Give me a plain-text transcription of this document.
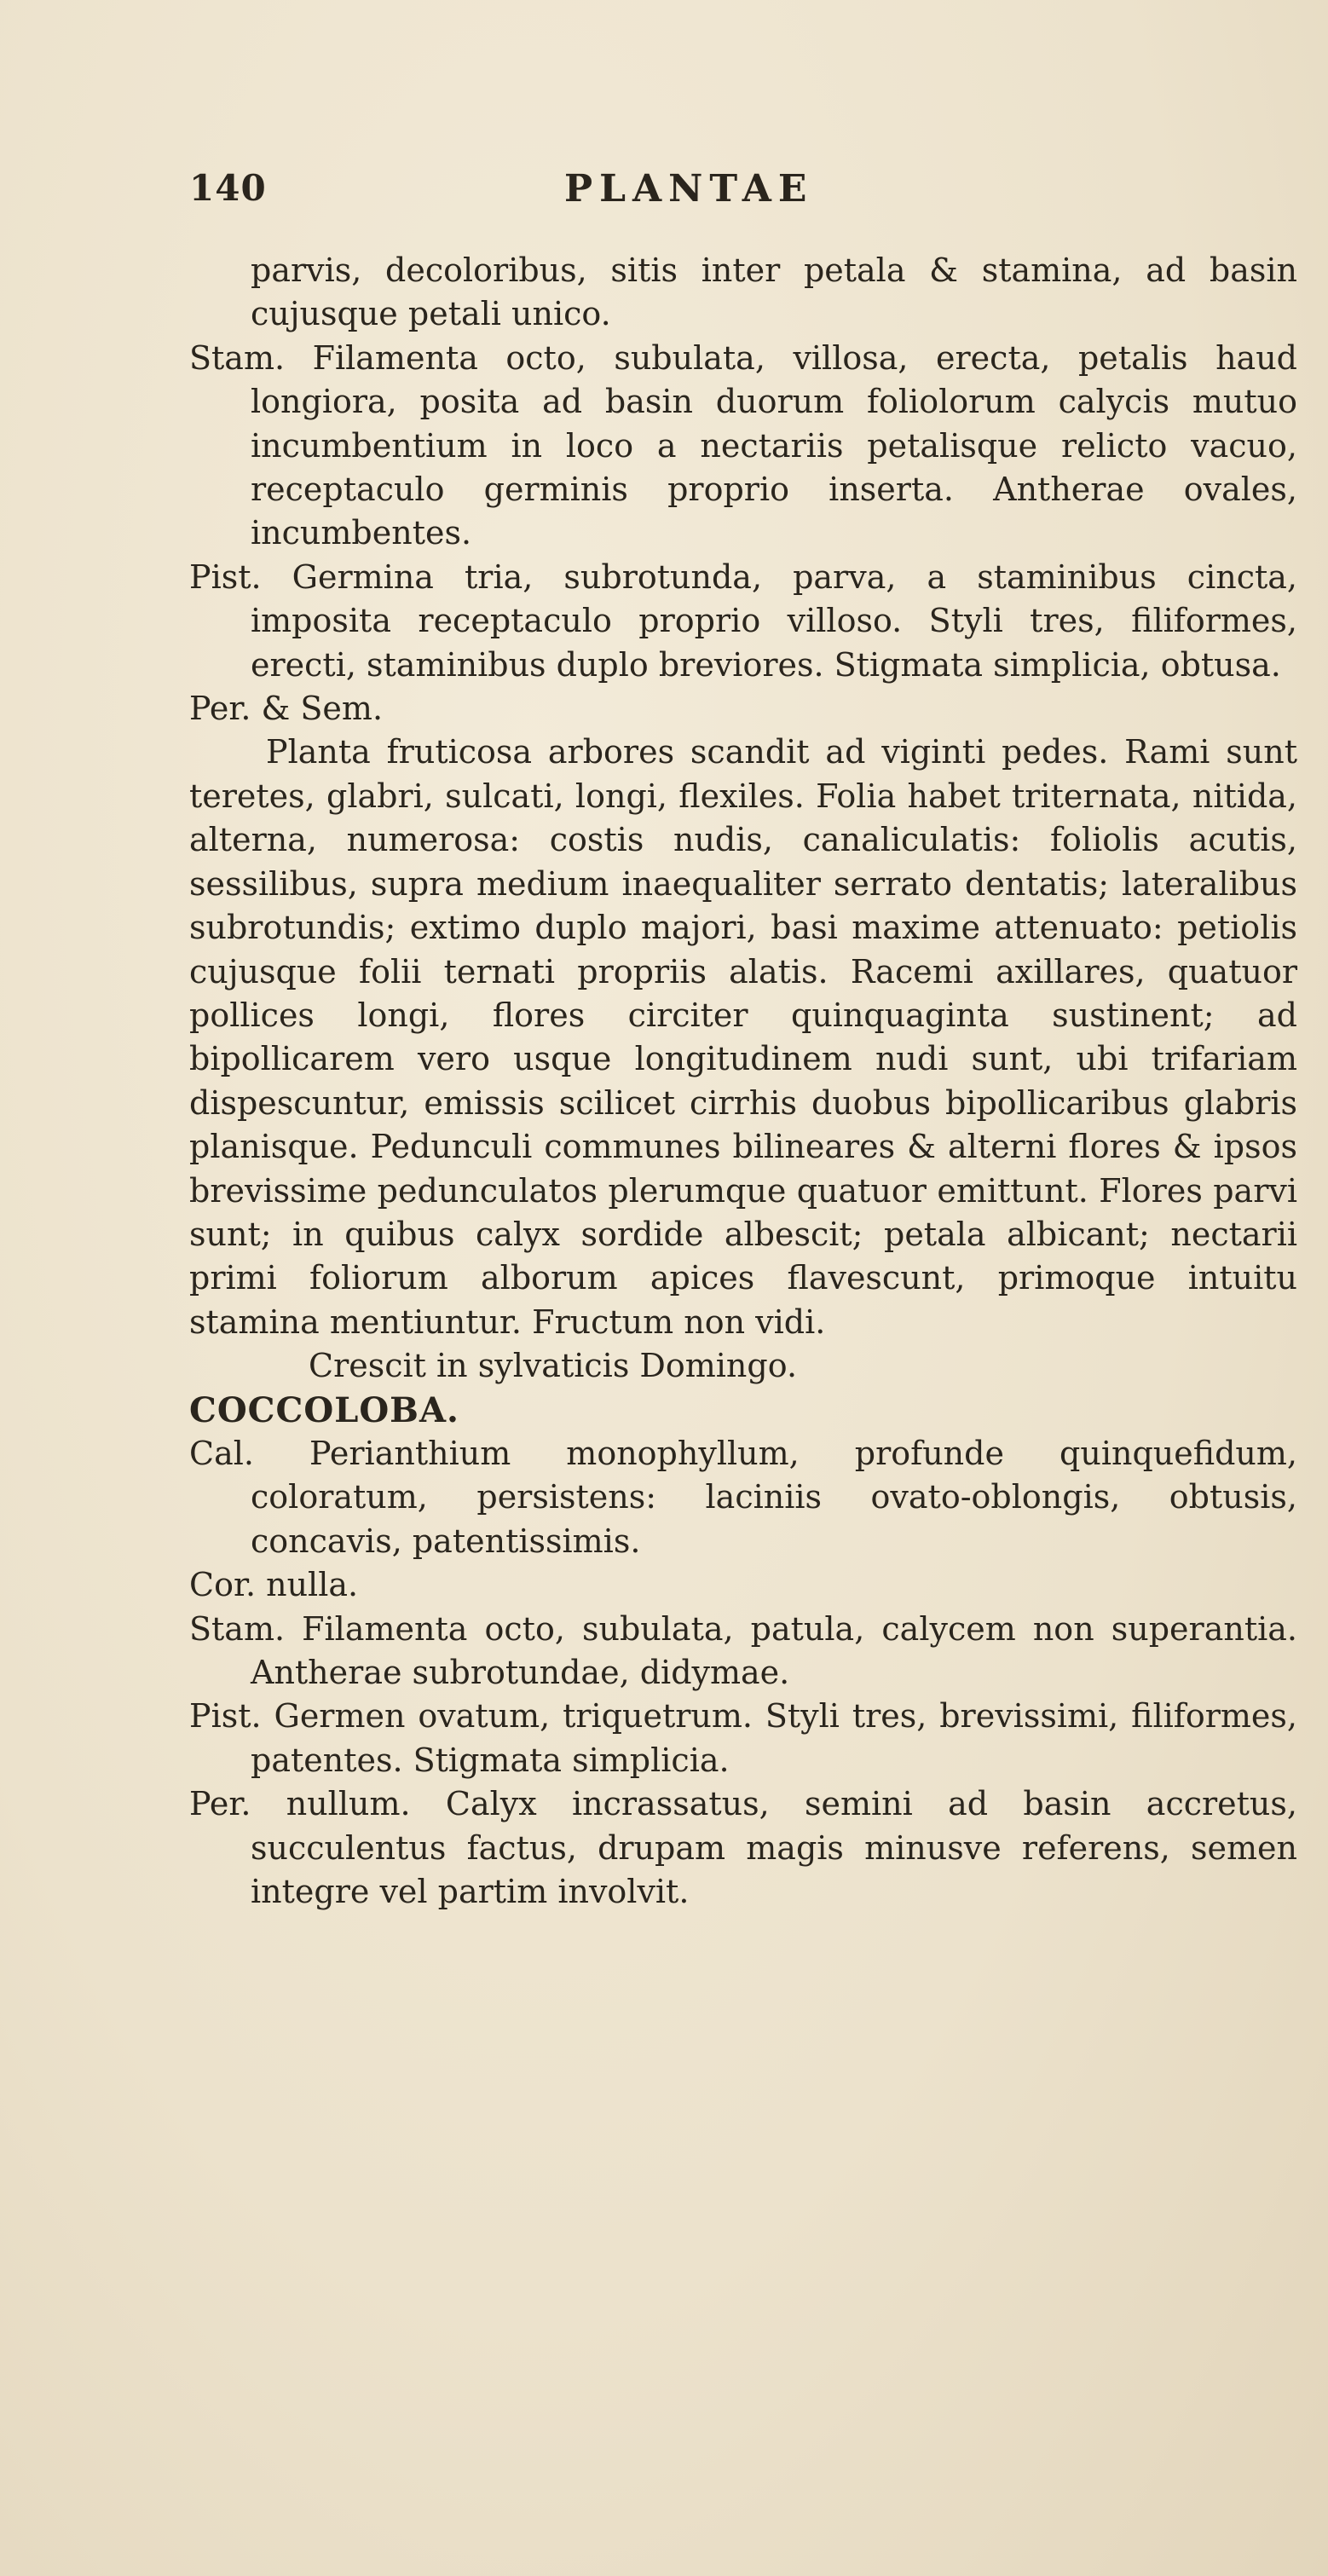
140	PLANTAE

parvis, decoloribus, sitis inter petala & stamina, ad basin cujusque petali unico.

Stam. Filamenta octo, subulata, villosa, erecta, petalis haud longiora, posita ad basin duorum foliolorum calycis mutuo incumbentium in loco a nectariis petalisque relicto vacuo, receptaculo germinis proprio inserta. Antherae ovales, incumbentes.

Pist. Germina tria, subrotunda, parva, a staminibus cincta, imposita receptaculo proprio villoso. Styli tres, filiformes, erecti, staminibus duplo breviores. Stigmata simplicia, obtusa.

Per. & Sem.

Planta fruticosa arbores scandit ad viginti pedes. Rami sunt teretes, glabri, sulcati, longi, flexiles. Folia habet triternata, nitida, alterna, numerosa: costis nudis, canaliculatis: foliolis acutis, sessilibus, supra medium inaequaliter serrato dentatis; lateralibus subrotundis; extimo duplo majori, basi maxime attenuato: petiolis cujusque folii ternati propriis alatis. Racemi axillares, quatuor pollices longi, flores circiter quinquaginta sustinent; ad bipollicarem vero usque longitudinem nudi sunt, ubi trifariam dispescuntur, emissis scilicet cirrhis duobus bipollicaribus glabris planisque. Pedunculi communes bilineares & alterni flores & ipsos brevissime pedunculatos plerumque quatuor emittunt. Flores parvi sunt; in quibus calyx sordide albescit; petala albicant; nectarii primi foliorum alborum apices flavescunt, primoque intuitu stamina mentiuntur. Fructum non vidi.

Crescit in sylvaticis Domingo.

COCCOLOBA.

Cal. Perianthium monophyllum, profunde quinquefidum, coloratum, persistens: laciniis ovato-oblongis, obtusis, concavis, patentissimis.

Cor. nulla.

Stam. Filamenta octo, subulata, patula, calycem non superantia. Antherae subrotundae, didymae.

Pist. Germen ovatum, triquetrum. Styli tres, brevissimi, filiformes, patentes. Stigmata simplicia.

Per. nullum. Calyx incrassatus, semini ad basin accretus, succulentus factus, drupam magis minusve referens, semen integre vel partim involvit.
